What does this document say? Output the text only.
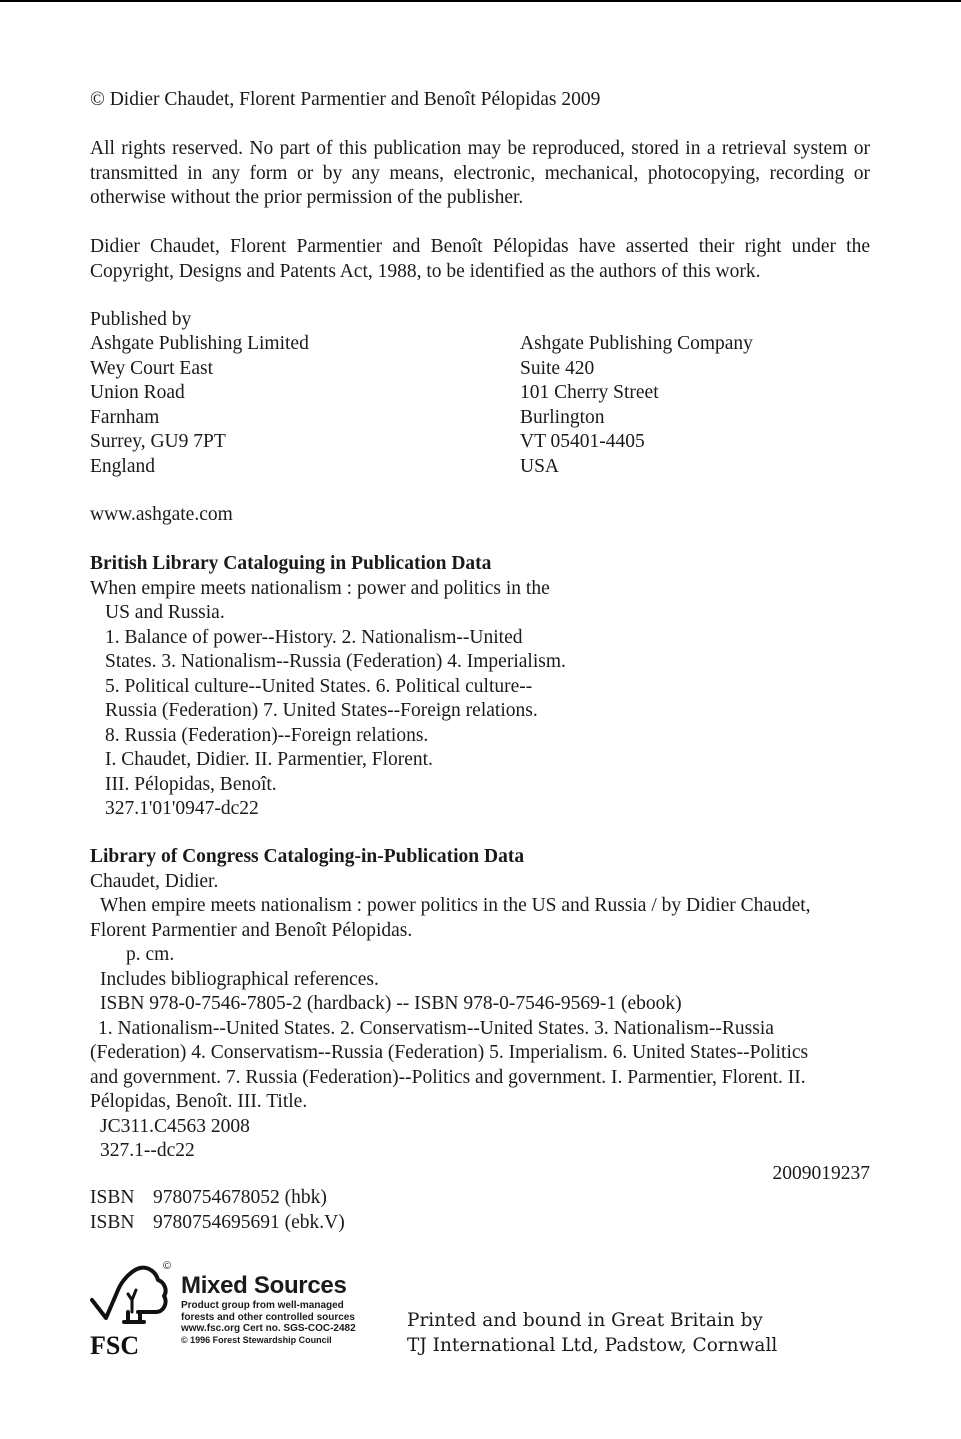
© Didier Chaudet, Florent Parmentier and Benoît Pélopidas 2009
All rights reserved. No part of this publication may be reproduced, stored in a retrieval system or transmitted in any form or by any means, electronic, mechanical, photocopying, recording or otherwise without the prior permission of the publisher.
Didier Chaudet, Florent Parmentier and Benoît Pélopidas have asserted their right under the Copyright, Designs and Patents Act, 1988, to be identified as the authors of this work.
Published by
Ashgate Publishing Limited
Wey Court East
Union Road
Farnham
Surrey, GU9 7PT
England
Ashgate Publishing Company
Suite 420
101 Cherry Street
Burlington
VT 05401-4405
USA
www.ashgate.com
British Library Cataloguing in Publication Data
When empire meets nationalism : power and politics in the
US and Russia.
1. Balance of power--History. 2. Nationalism--United
States. 3. Nationalism--Russia (Federation) 4. Imperialism.
5. Political culture--United States. 6. Political culture--
Russia (Federation) 7. United States--Foreign relations.
8. Russia (Federation)--Foreign relations.
I. Chaudet, Didier. II. Parmentier, Florent.
III. Pélopidas, Benoît.
327.1'01'0947-dc22
Library of Congress Cataloging-in-Publication Data
Chaudet, Didier.
When empire meets nationalism : power politics in the US and Russia / by Didier Chaudet,
Florent Parmentier and Benoît Pélopidas.
p. cm.
Includes bibliographical references.
ISBN 978-0-7546-7805-2 (hardback) -- ISBN 978-0-7546-9569-1 (ebook)
1. Nationalism--United States. 2. Conservatism--United States. 3. Nationalism--Russia
(Federation) 4. Conservatism--Russia (Federation) 5. Imperialism. 6. United States--Politics
and government. 7. Russia (Federation)--Politics and government. I. Parmentier, Florent. II.
Pélopidas, Benoît. III. Title.
JC311.C4563 2008
327.1--dc22
2009019237
ISBN 9780754678052 (hbk)
ISBN 9780754695691 (ebk.V)
FSC
©
Mixed Sources
Product group from well-managed
forests and other controlled sources
www.fsc.org Cert no. SGS-COC-2482
© 1996 Forest Stewardship Council
Printed and bound in Great Britain by
TJ International Ltd, Padstow, Cornwall
